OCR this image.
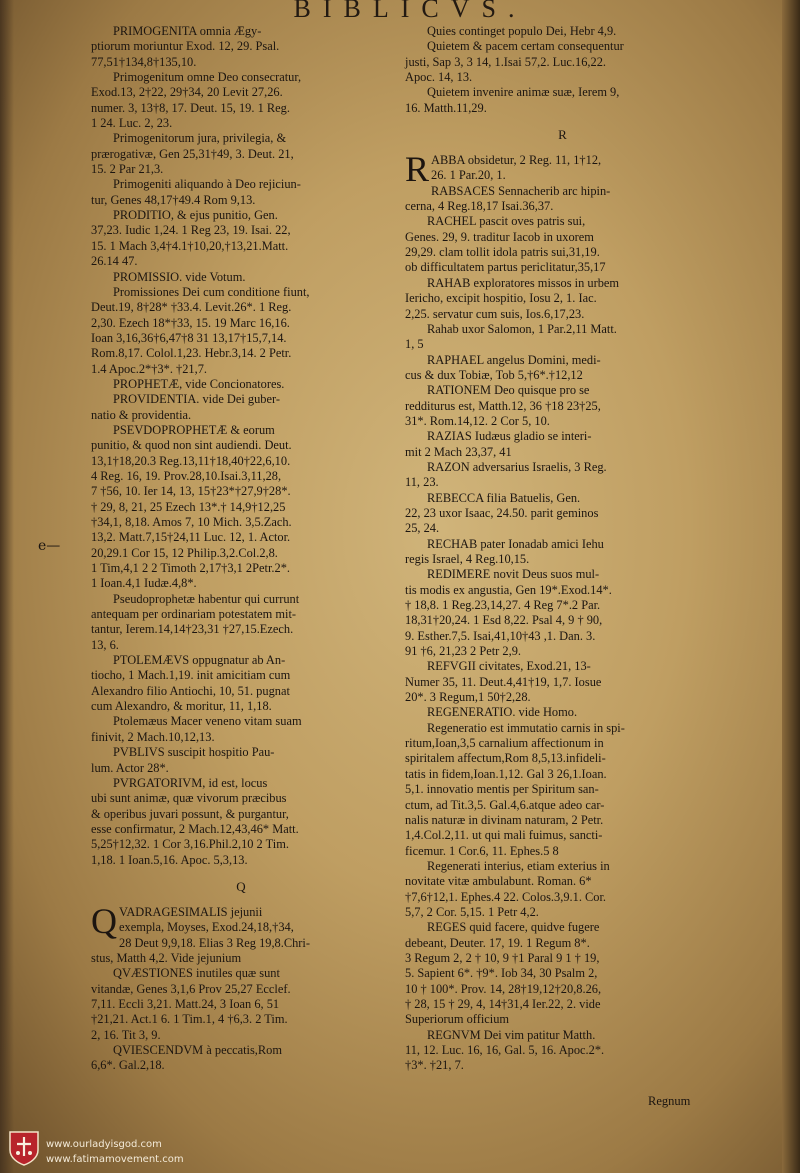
BIBLICVS.
e—
PRIMOGENITA omnia Ægy-
ptiorum moriuntur Exod. 12, 29. Psal.
77,51†134,8†135,10.
Primogenitum omne Deo consecratur,
Exod.13, 2†22, 29†34, 20 Levit 27,26.
numer. 3, 13†8, 17. Deut. 15, 19. 1 Reg.
1 24. Luc. 2, 23.
Primogenitorum jura, privilegia, &
prærogativæ, Gen 25,31†49, 3. Deut. 21,
15. 2 Par 21,3.
Primogeniti aliquando à Deo rejiciun-
tur, Genes 48,17†49.4 Rom 9,13.
PRODITIO, & ejus punitio, Gen.
37,23. Iudic 1,24. 1 Reg 23, 19. Isai. 22,
15. 1 Mach 3,4†4.1†10,20,†13,21.Matt.
26.14 47.
PROMISSIO. vide Votum.
Promissiones Dei cum conditione fiunt,
Deut.19, 8†28* †33.4. Levit.26*. 1 Reg.
2,30. Ezech 18*†33, 15. 19 Marc 16,16.
Ioan 3,16,36†6,47†8 31 13,17†15,7,14.
Rom.8,17. Colol.1,23. Hebr.3,14. 2 Petr.
1.4 Apoc.2*†3*. †21,7.
PROPHETÆ, vide Concionatores.
PROVIDENTIA. vide Dei guber-
natio & providentia.
PSEVDOPROPHETÆ & eorum
punitio, & quod non sint audiendi. Deut.
13,1†18,20.3 Reg.13,11†18,40†22,6,10.
4 Reg. 16, 19. Prov.28,10.Isai.3,11,28,
7 †56, 10. Ier 14, 13, 15†23*†27,9†28*.
† 29, 8, 21, 25 Ezech 13*.† 14,9†12,25
†34,1, 8,18. Amos 7, 10 Mich. 3,5.Zach.
13,2. Matt.7,15†24,11 Luc. 12, 1. Actor.
20,29.1 Cor 15, 12 Philip.3,2.Col.2,8.
1 Tim,4,1 2 2 Timoth 2,17†3,1 2Petr.2*.
1 Ioan.4,1 Iudæ.4,8*.
Pseudoprophetæ habentur qui currunt
antequam per ordinariam potestatem mit-
tantur, Ierem.14,14†23,31 †27,15.Ezech.
13, 6.
PTOLEMÆVS oppugnatur ab An-
tiocho, 1 Mach.1,19. init amicitiam cum
Alexandro filio Antiochi, 10, 51. pugnat
cum Alexandro, & moritur, 11, 1,18.
Ptolemæus Macer veneno vitam suam
finivit, 2 Mach.10,12,13.
PVBLIVS suscipit hospitio Pau-
lum. Actor 28*.
PVRGATORIVM, id est, locus
ubi sunt animæ, quæ vivorum præcibus
& operibus juvari possunt, & purgantur,
esse confirmatur, 2 Mach.12,43,46* Matt.
5,25†12,32. 1 Cor 3,16.Phil.2,10 2 Tim.
1,18. 1 Ioan.5,16. Apoc. 5,3,13.
Q
QVADRAGESIMALIS jejunii
exempla, Moyses, Exod.24,18,†34,
28 Deut 9,9,18. Elias 3 Reg 19,8.Chri-
stus, Matth 4,2. Vide jejunium
QVÆSTIONES inutiles quæ sunt
vitandæ, Genes 3,1,6 Prov 25,27 Ecclef.
7,11. Eccli 3,21. Matt.24, 3 Ioan 6, 51
†21,21. Act.1 6. 1 Tim.1, 4 †6,3. 2 Tim.
2, 16. Tit 3, 9.
QVIESCENDVM à peccatis,Rom
6,6*. Gal.2,18.
Quies continget populo Dei, Hebr 4,9.
Quietem & pacem certam consequentur
justi, Sap 3, 3 14, 1.Isai 57,2. Luc.16,22.
Apoc. 14, 13.
Quietem invenire animæ suæ, Ierem 9,
16. Matth.11,29.
R
RABBA obsidetur, 2 Reg. 11, 1†12,
26. 1 Par.20, 1.
RABSACES Sennacherib arc hipin-
cerna, 4 Reg.18,17 Isai.36,37.
RACHEL pascit oves patris sui,
Genes. 29, 9. traditur Iacob in uxorem
29,29. clam tollit idola patris sui,31,19.
ob difficultatem partus periclitatur,35,17
RAHAB exploratores missos in urbem
Iericho, excipit hospitio, Iosu 2, 1. Iac.
2,25. servatur cum suis, Ios.6,17,23.
Rahab uxor Salomon, 1 Par.2,11 Matt.
1, 5
RAPHAEL angelus Domini, medi-
cus & dux Tobiæ, Tob 5,†6*.†12,12
RATIONEM Deo quisque pro se
redditurus est, Matth.12, 36 †18 23†25,
31*. Rom.14,12. 2 Cor 5, 10.
RAZIAS Iudæus gladio se interi-
mit 2 Mach 23,37, 41
RAZON adversarius Israelis, 3 Reg.
11, 23.
REBECCA filia Batuelis, Gen.
22, 23 uxor Isaac, 24.50. parit geminos
25, 24.
RECHAB pater Ionadab amici Iehu
regis Israel, 4 Reg.10,15.
REDIMERE novit Deus suos mul-
tis modis ex angustia, Gen 19*.Exod.14*.
† 18,8. 1 Reg.23,14,27. 4 Reg 7*.2 Par.
18,31†20,24. 1 Esd 8,22. Psal 4, 9 † 90,
9. Esther.7,5. Isai,41,10†43 ,1. Dan. 3.
91 †6, 21,23 2 Petr 2,9.
REFVGII civitates, Exod.21, 13-
Numer 35, 11. Deut.4,41†19, 1,7. Iosue
20*. 3 Regum,1 50†2,28.
REGENERATIO. vide Homo.
Regeneratio est immutatio carnis in spi-
ritum,Ioan,3,5 carnalium affectionum in
spiritalem affectum,Rom 8,5,13.infideli-
tatis in fidem,Ioan.1,12. Gal 3 26,1.Ioan.
5,1. innovatio mentis per Spiritum san-
ctum, ad Tit.3,5. Gal.4,6.atque adeo car-
nalis naturæ in divinam naturam, 2 Petr.
1,4.Col.2,11. ut qui mali fuimus, sancti-
ficemur. 1 Cor.6, 11. Ephes.5 8
Regenerati interius, etiam exterius in
novitate vitæ ambulabunt. Roman. 6*
†7,6†12,1. Ephes.4 22. Colos.3,9.1. Cor.
5,7, 2 Cor. 5,15. 1 Petr 4,2.
REGES quid facere, quidve fugere
debeant, Deuter. 17, 19. 1 Regum 8*.
3 Regum 2, 2 † 10, 9 †1 Paral 9 1 † 19,
5. Sapient 6*. †9*. Iob 34, 30 Psalm 2,
10 † 100*. Prov. 14, 28†19,12†20,8.26,
† 28, 15 † 29, 4, 14†31,4 Ier.22, 2. vide
Superiorum officium
REGNVM Dei vim patitur Matth.
11, 12. Luc. 16, 16, Gal. 5, 16. Apoc.2*.
†3*. †21, 7.
Regnum
www.ourladyisgod.com
www.fatimamovement.com
